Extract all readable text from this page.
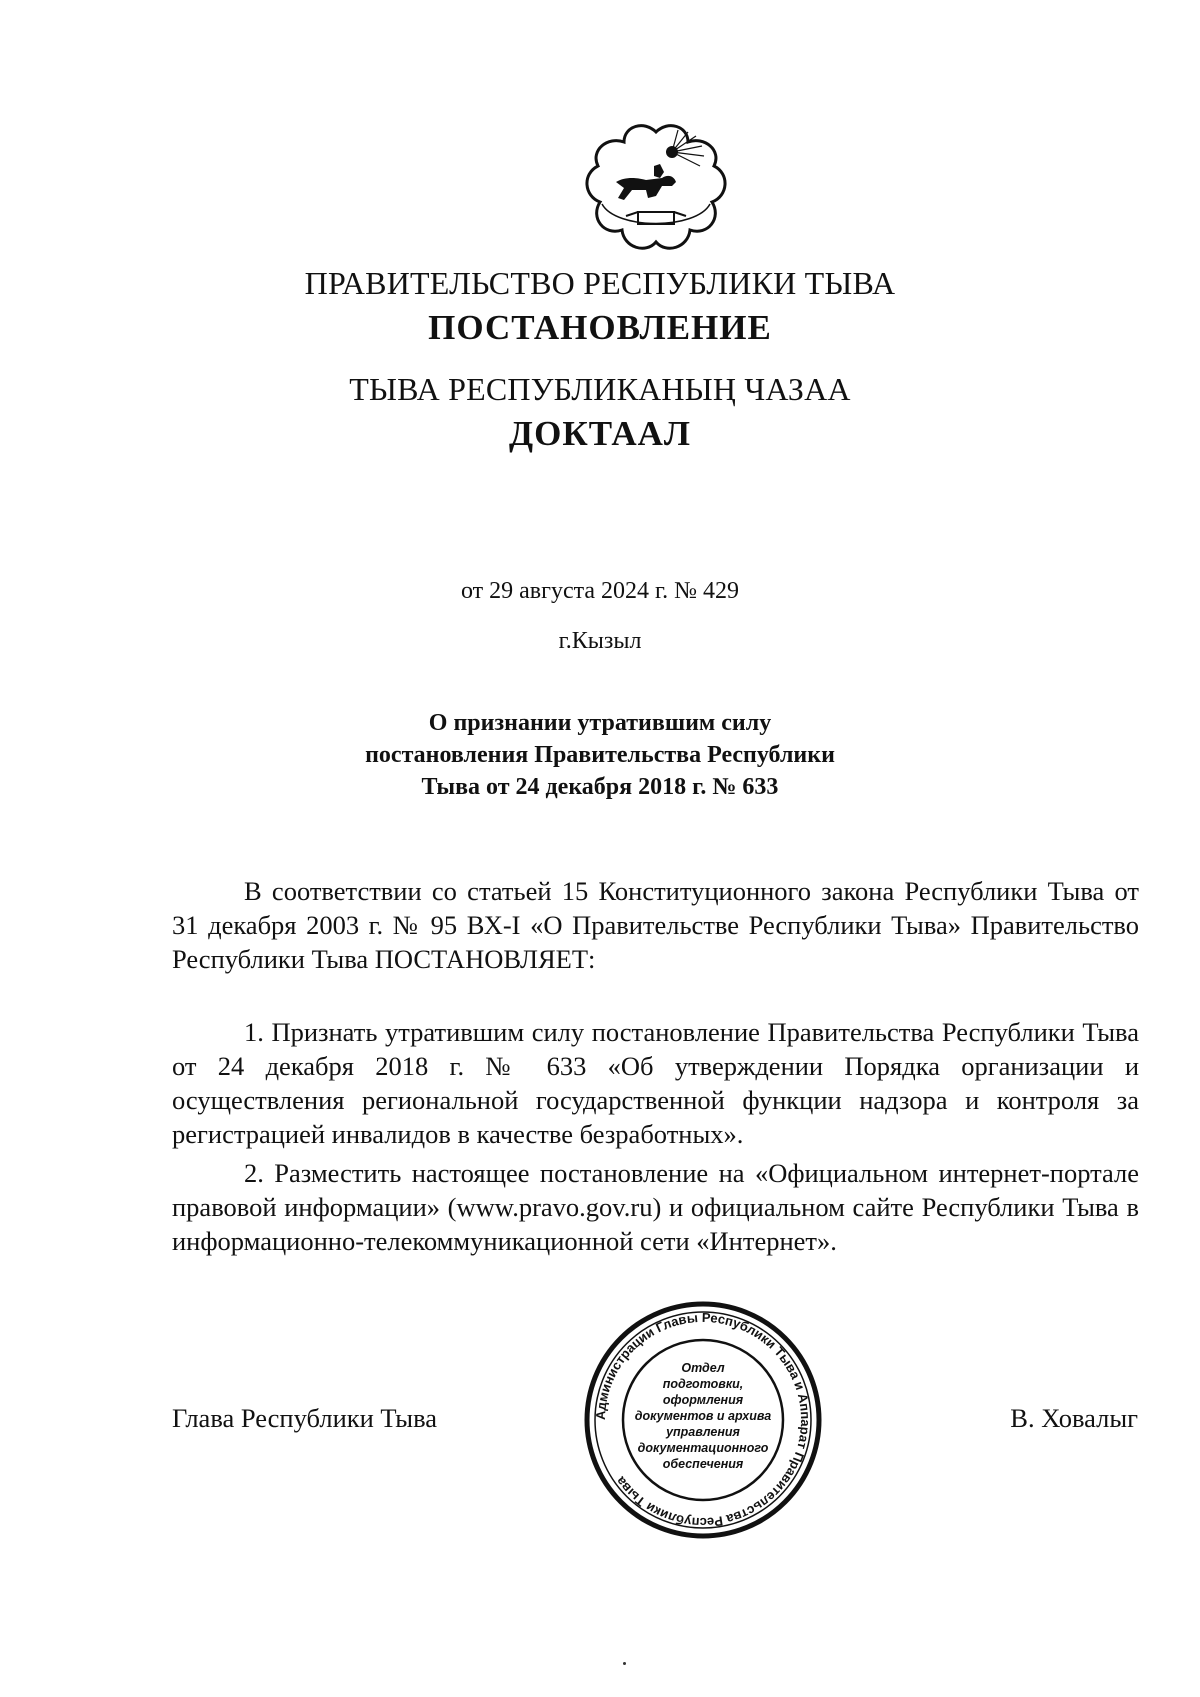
ПРАВИТЕЛЬСТВО РЕСПУБЛИКИ ТЫВА
ПОСТАНОВЛЕНИЕ
ТЫВА РЕСПУБЛИКАНЫҢ ЧАЗАА
ДОКТААЛ
от 29 августа 2024 г. № 429
г.Кызыл
О признании утратившим силу
постановления Правительства Республики
Тыва от 24 декабря 2018 г. № 633

В соответствии со статьей 15 Конституционного закона Республики Тыва от 31 декабря 2003 г. № 95 ВХ-I «О Правительстве Республики Тыва» Правительство Республики Тыва ПОСТАНОВЛЯЕТ:

1. Признать утратившим силу постановление Правительства Республики Тыва от 24 декабря 2018 г. № 633 «Об утверждении Порядка организации и осуществления региональной государственной функции надзора и контроля за регистрацией инвалидов в качестве безработных».

2. Разместить настоящее постановление на «Официальном интернет-портале правовой информации» (www.pravo.gov.ru) и официальном сайте Республики Тыва в информационно-телекоммуникационной сети «Интернет».

Глава Республики Тыва	В. Ховалыг
Администрации Главы Республики Тыва и Аппарат Правительства Республики Тыва
Отдел
подготовки,
оформления
документов и архива
управления
документационного
обеспечения
